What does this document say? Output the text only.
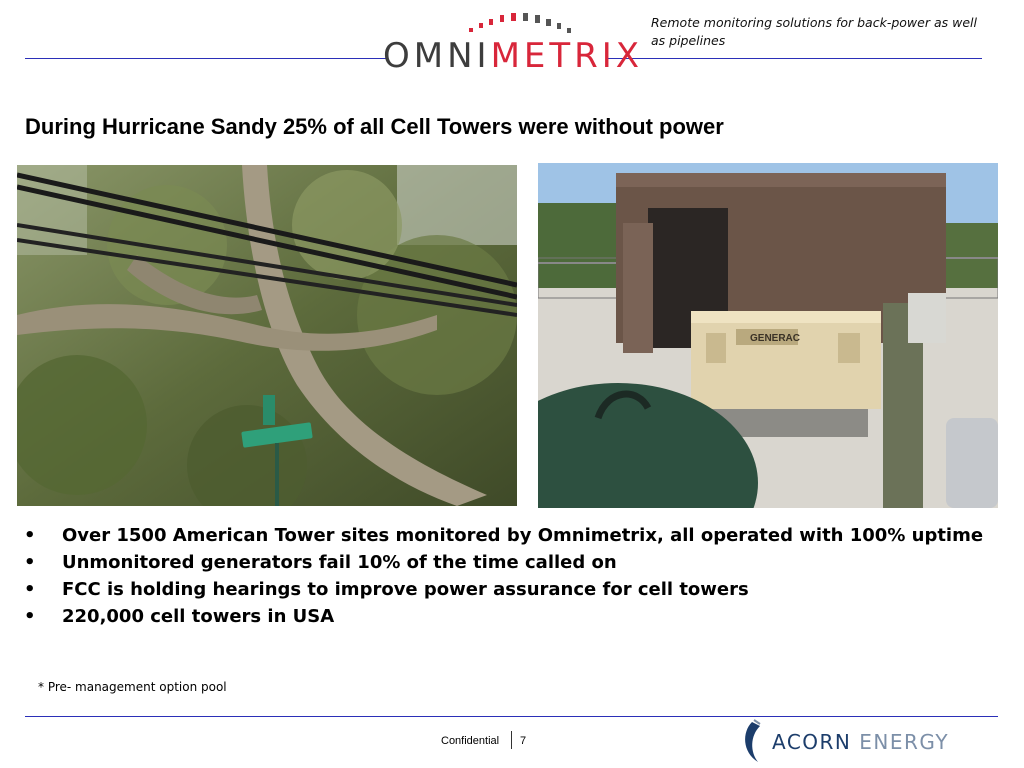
OMNIMETRIX
Remote monitoring solutions for back-power as well as pipelines
During Hurricane Sandy 25% of all Cell Towers were without power
GENERAC
• Over 1500 American Tower sites monitored by Omnimetrix, all operated with 100% uptime
• Unmonitored generators fail 10% of the time called on
• FCC is holding hearings to improve power assurance for cell towers
• 220,000 cell towers in USA
* Pre- management option pool
Confidential 7	ACORN ENERGY
